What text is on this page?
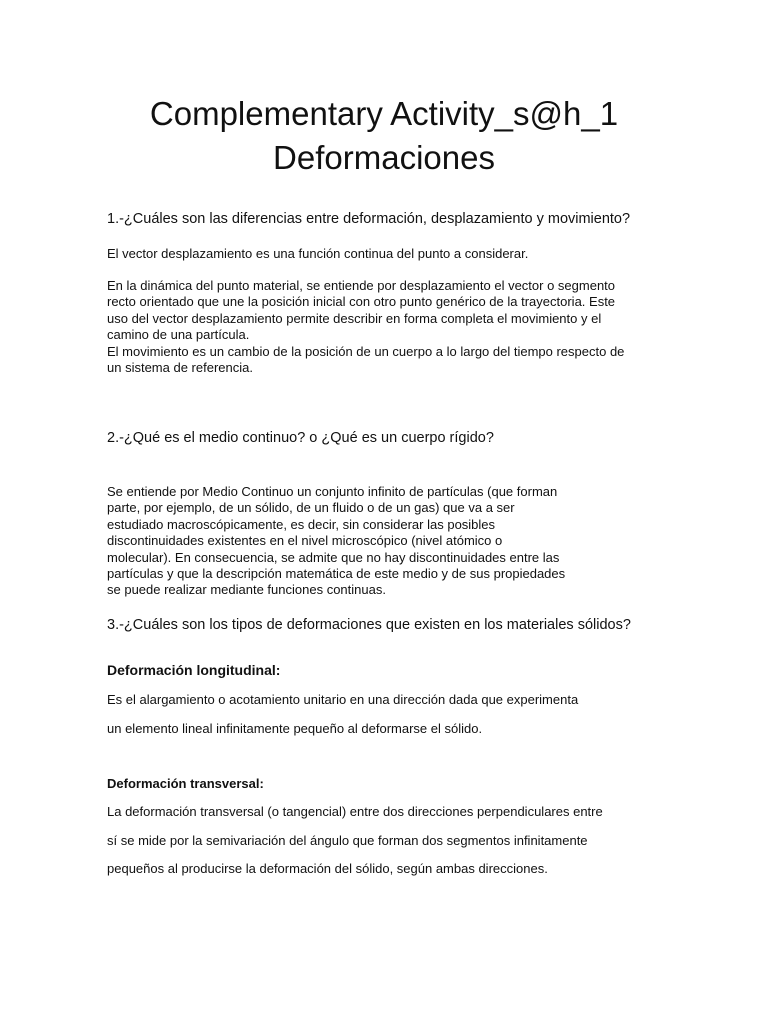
Complementary Activity_s@h_1
Deformaciones
1.-¿Cuáles son las diferencias entre deformación, desplazamiento y movimiento?

El vector desplazamiento es una función continua del punto a considerar.

En la dinámica del punto material, se entiende por desplazamiento el vector o segmento
recto orientado que une la posición inicial con otro punto genérico de la trayectoria. Este
uso del vector desplazamiento permite describir en forma completa el movimiento y el
camino de una partícula.
El movimiento es un cambio de la posición de un cuerpo a lo largo del tiempo respecto de
un sistema de referencia.

2.-¿Qué es el medio continuo? o ¿Qué es un cuerpo rígido?

Se entiende por Medio Continuo un conjunto infinito de partículas (que forman
parte, por ejemplo, de un sólido, de un fluido o de un gas) que va a ser
estudiado macroscópicamente, es decir, sin considerar las posibles
discontinuidades existentes en el nivel microscópico (nivel atómico o
molecular). En consecuencia, se admite que no hay discontinuidades entre las
partículas y que la descripción matemática de este medio y de sus propiedades
se puede realizar mediante funciones continuas.

3.-¿Cuáles son los tipos de deformaciones que existen en los materiales sólidos?
Deformación longitudinal:

Es el alargamiento o acotamiento unitario en una dirección dada que experimenta
un elemento lineal infinitamente pequeño al deformarse el sólido.

Deformación transversal:

La deformación transversal (o tangencial) entre dos direcciones perpendiculares entre
sí se mide por la semivariación del ángulo que forman dos segmentos infinitamente
pequeños al producirse la deformación del sólido, según ambas direcciones.
